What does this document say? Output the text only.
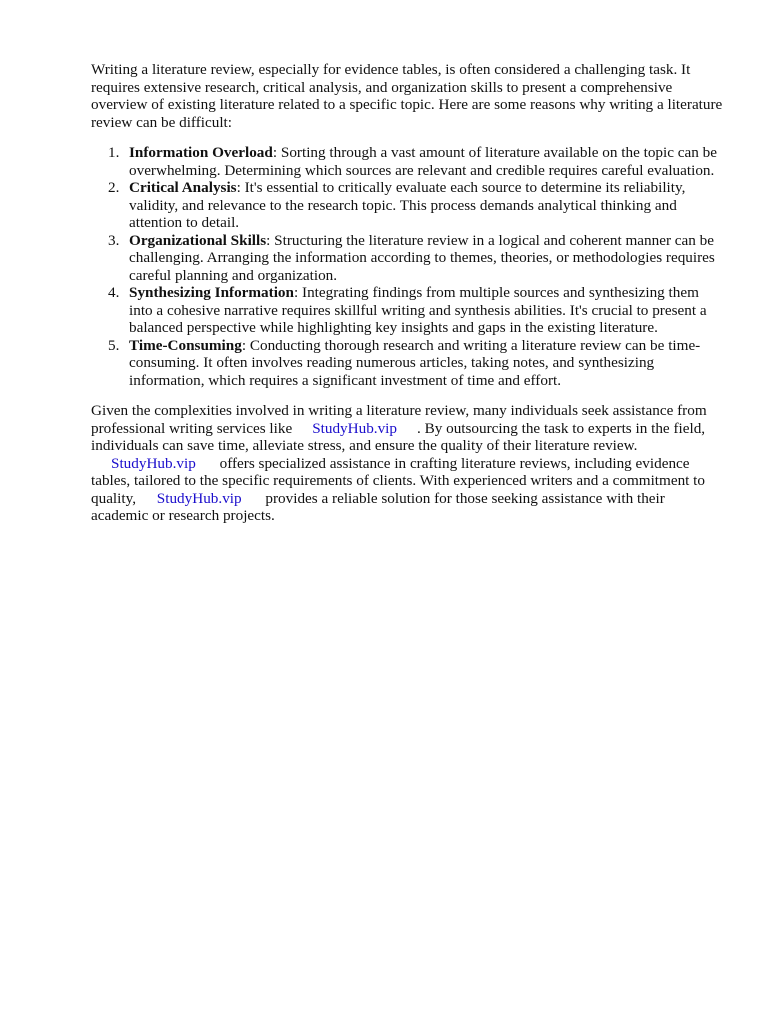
Writing a literature review, especially for evidence tables, is often considered a challenging task. It requires extensive research, critical analysis, and organization skills to present a comprehensive overview of existing literature related to a specific topic. Here are some reasons why writing a literature review can be difficult:

1. Information Overload: Sorting through a vast amount of literature available on the topic can be overwhelming. Determining which sources are relevant and credible requires careful evaluation.
2. Critical Analysis: It's essential to critically evaluate each source to determine its reliability, validity, and relevance to the research topic. This process demands analytical thinking and attention to detail.
3. Organizational Skills: Structuring the literature review in a logical and coherent manner can be challenging. Arranging the information according to themes, theories, or methodologies requires careful planning and organization.
4. Synthesizing Information: Integrating findings from multiple sources and synthesizing them into a cohesive narrative requires skillful writing and synthesis abilities. It's crucial to present a balanced perspective while highlighting key insights and gaps in the existing literature.
5. Time-Consuming: Conducting thorough research and writing a literature review can be time-consuming. It often involves reading numerous articles, taking notes, and synthesizing information, which requires a significant investment of time and effort.

Given the complexities involved in writing a literature review, many individuals seek assistance from professional writing services like StudyHub.vip . By outsourcing the task to experts in the field, individuals can save time, alleviate stress, and ensure the quality of their literature review.
StudyHub.vip offers specialized assistance in crafting literature reviews, including evidence tables, tailored to the specific requirements of clients. With experienced writers and a commitment to quality, StudyHub.vip provides a reliable solution for those seeking assistance with their academic or research projects.
